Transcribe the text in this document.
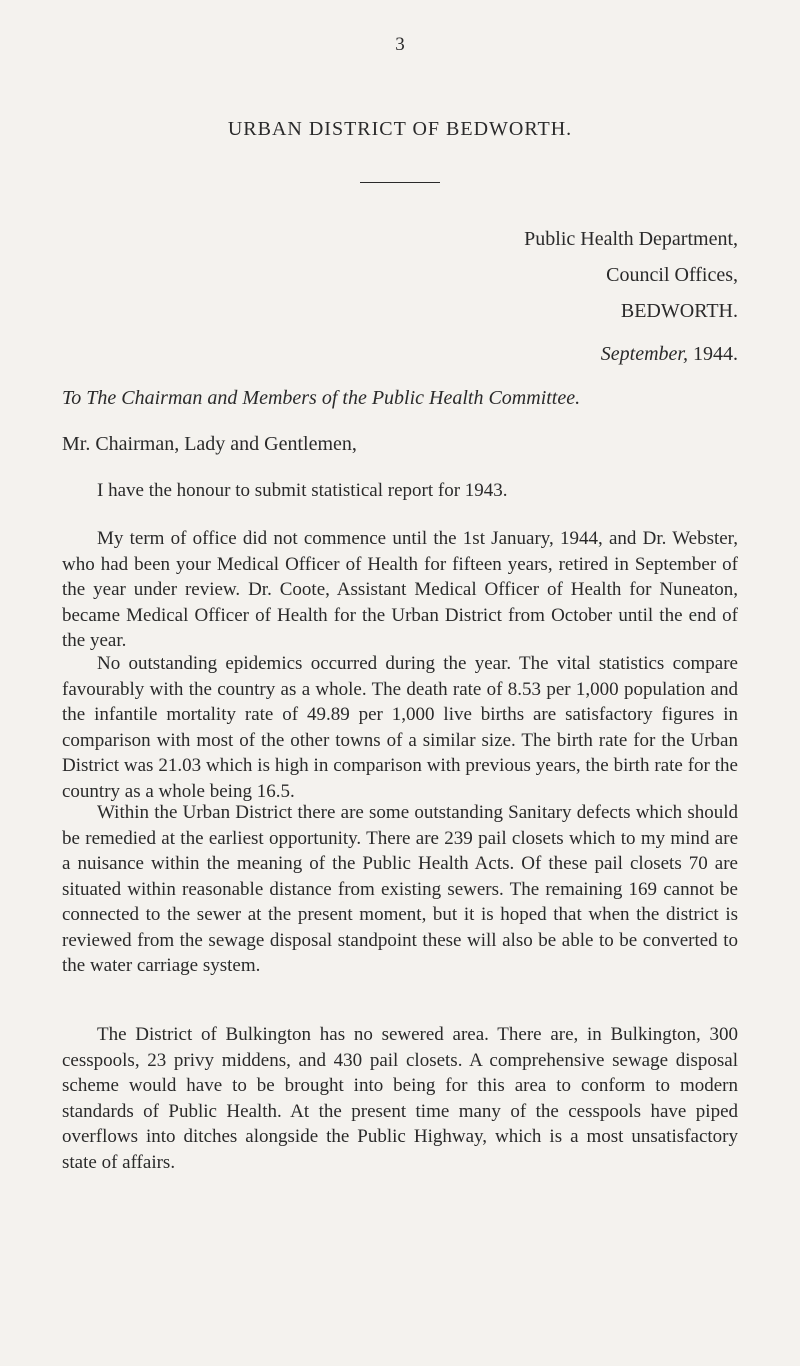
3
URBAN DISTRICT OF BEDWORTH.
Public Health Department,
Council Offices,
BEDWORTH.
September, 1944.
To The Chairman and Members of the Public Health Committee.
Mr. Chairman, Lady and Gentlemen,

I have the honour to submit statistical report for 1943.

My term of office did not commence until the 1st January, 1944, and Dr. Webster, who had been your Medical Officer of Health for fifteen years, retired in September of the year under review. Dr. Coote, Assistant Medical Officer of Health for Nuneaton, became Medical Officer of Health for the Urban District from October until the end of the year.

No outstanding epidemics occurred during the year. The vital statistics compare favourably with the country as a whole. The death rate of 8.53 per 1,000 population and the infantile mortality rate of 49.89 per 1,000 live births are satisfactory figures in comparison with most of the other towns of a similar size. The birth rate for the Urban District was 21.03 which is high in comparison with previous years, the birth rate for the country as a whole being 16.5.

Within the Urban District there are some outstanding Sanitary defects which should be remedied at the earliest opportunity. There are 239 pail closets which to my mind are a nuisance within the meaning of the Public Health Acts. Of these pail closets 70 are situated within reasonable distance from existing sewers. The remaining 169 cannot be connected to the sewer at the present moment, but it is hoped that when the district is reviewed from the sewage disposal standpoint these will also be able to be converted to the water carriage system.

The District of Bulkington has no sewered area. There are, in Bulkington, 300 cesspools, 23 privy middens, and 430 pail closets. A comprehensive sewage disposal scheme would have to be brought into being for this area to conform to modern standards of Public Health. At the present time many of the cesspools have piped overflows into ditches alongside the Public Highway, which is a most unsatisfactory state of affairs.
